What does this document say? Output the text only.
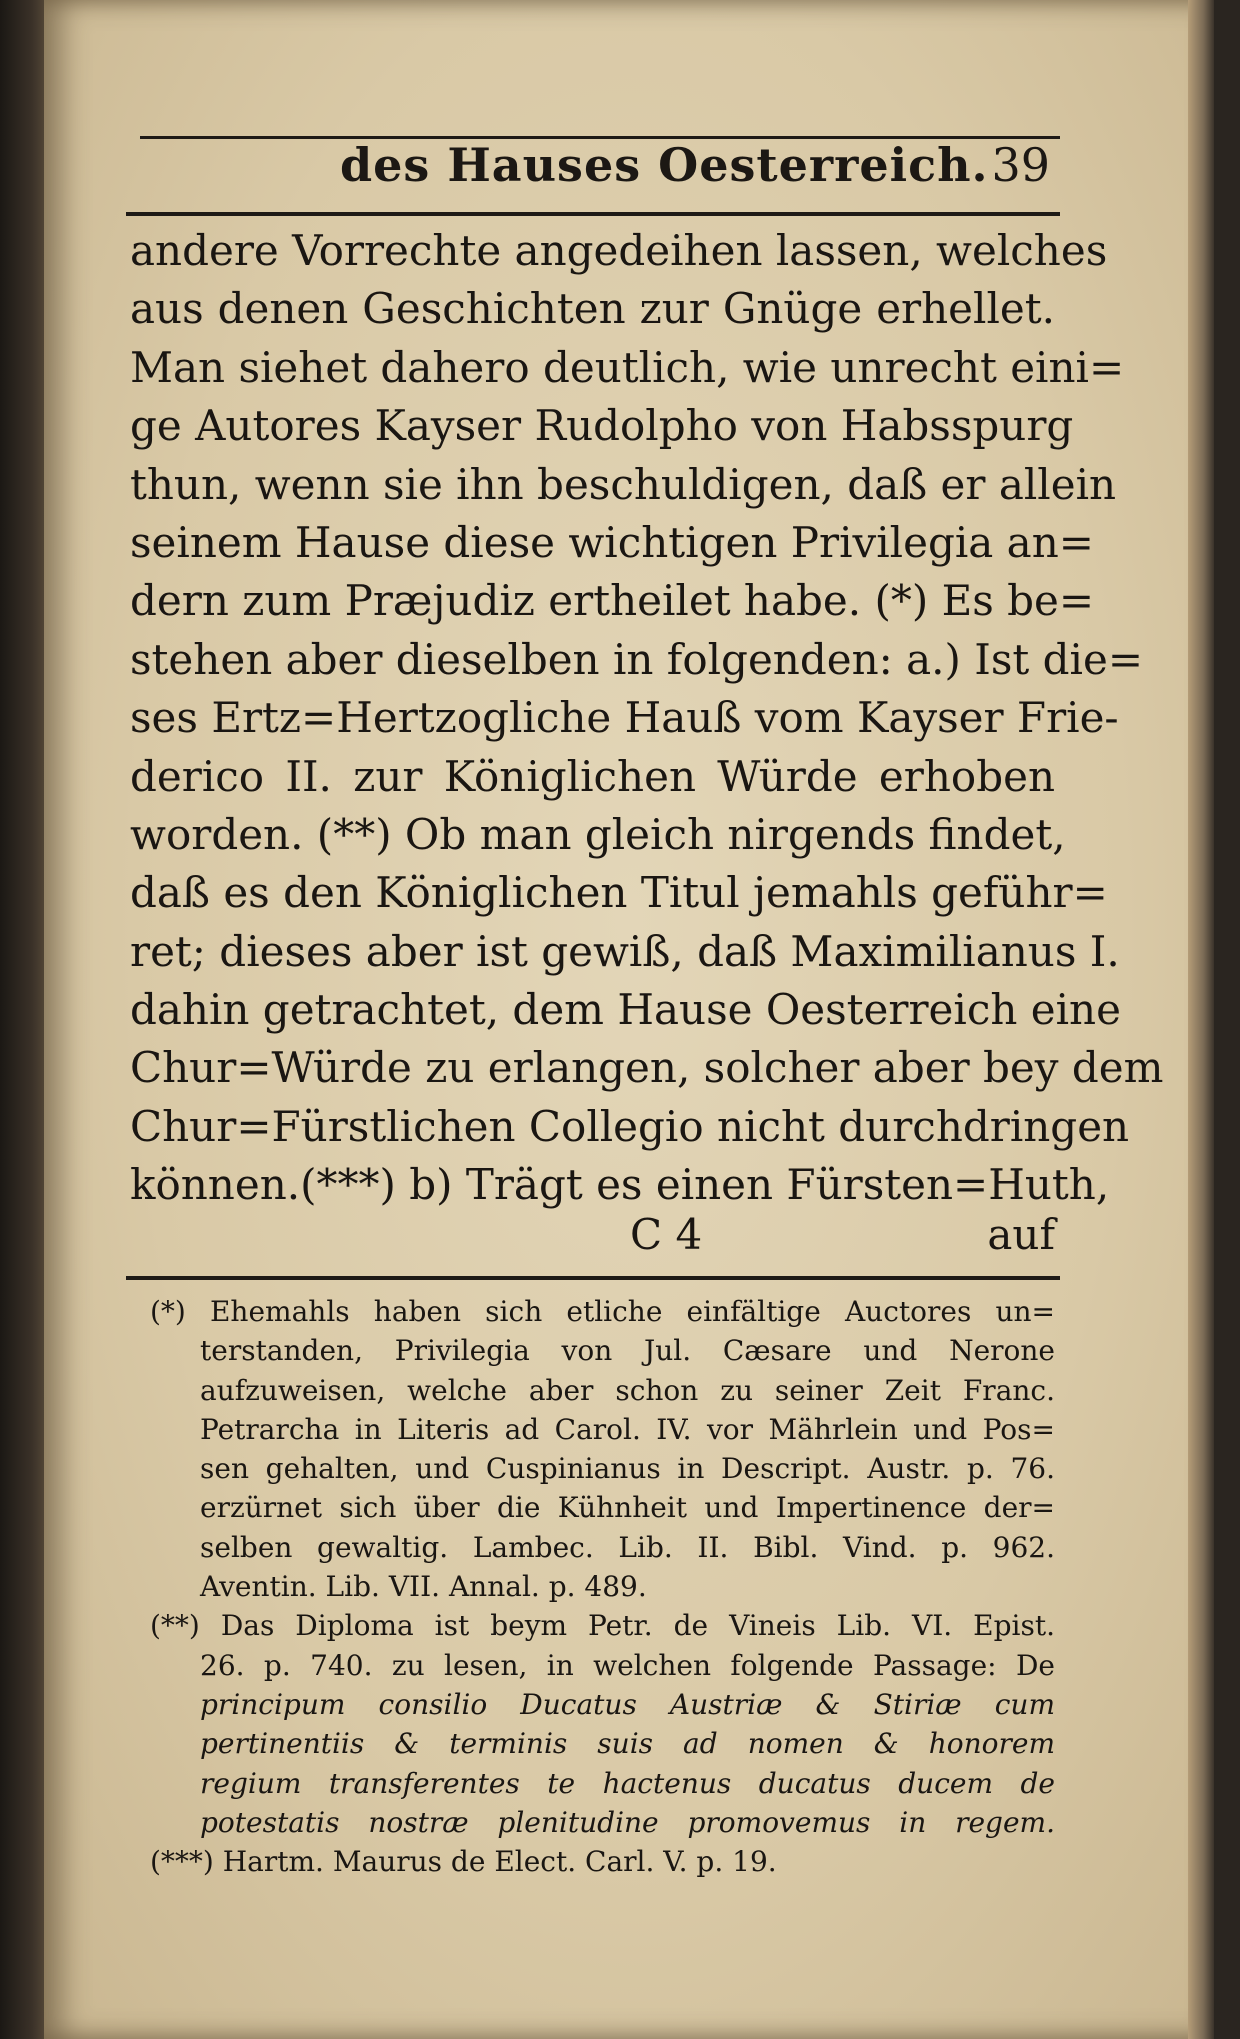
des Hauses Oesterreich. 39
andere Vorrechte angedeihen lassen, welches
aus denen Geschichten zur Gnüge erhellet.
Man siehet dahero deutlich, wie unrecht eini=
ge Autores Kayser Rudolpho von Habsspurg
thun, wenn sie ihn beschuldigen, daß er allein
seinem Hause diese wichtigen Privilegia an=
dern zum Præjudiz ertheilet habe. (*) Es be=
stehen aber dieselben in folgenden: a.) Ist die=
ses Ertz=Hertzogliche Hauß vom Kayser Frie-
derico II. zur Königlichen Würde erhoben
worden. (**) Ob man gleich nirgends findet,
daß es den Königlichen Titul jemahls geführ=
ret; dieses aber ist gewiß, daß Maximilianus I.
dahin getrachtet, dem Hause Oesterreich eine
Chur=Würde zu erlangen, solcher aber bey dem
Chur=Fürstlichen Collegio nicht durchdringen
können.(***) b) Trägt es einen Fürsten=Huth,
C 4	auf
(*) Ehemahls haben sich etliche einfältige Auctores un=
terstanden, Privilegia von Jul. Cæsare und Nerone
aufzuweisen, welche aber schon zu seiner Zeit Franc.
Petrarcha in Literis ad Carol. IV. vor Mährlein und Pos=
sen gehalten, und Cuspinianus in Descript. Austr. p. 76.
erzürnet sich über die Kühnheit und Impertinence der=
selben gewaltig. Lambec. Lib. II. Bibl. Vind. p. 962.
Aventin. Lib. VII. Annal. p. 489.
(**) Das Diploma ist beym Petr. de Vineis Lib. VI. Epist.
26. p. 740. zu lesen, in welchen folgende Passage: De
principum consilio Ducatus Austriæ & Stiriæ cum
pertinentiis & terminis suis ad nomen & honorem
regium transferentes te hactenus ducatus ducem de
potestatis nostræ plenitudine promovemus in regem.
(***) Hartm. Maurus de Elect. Carl. V. p. 19.
